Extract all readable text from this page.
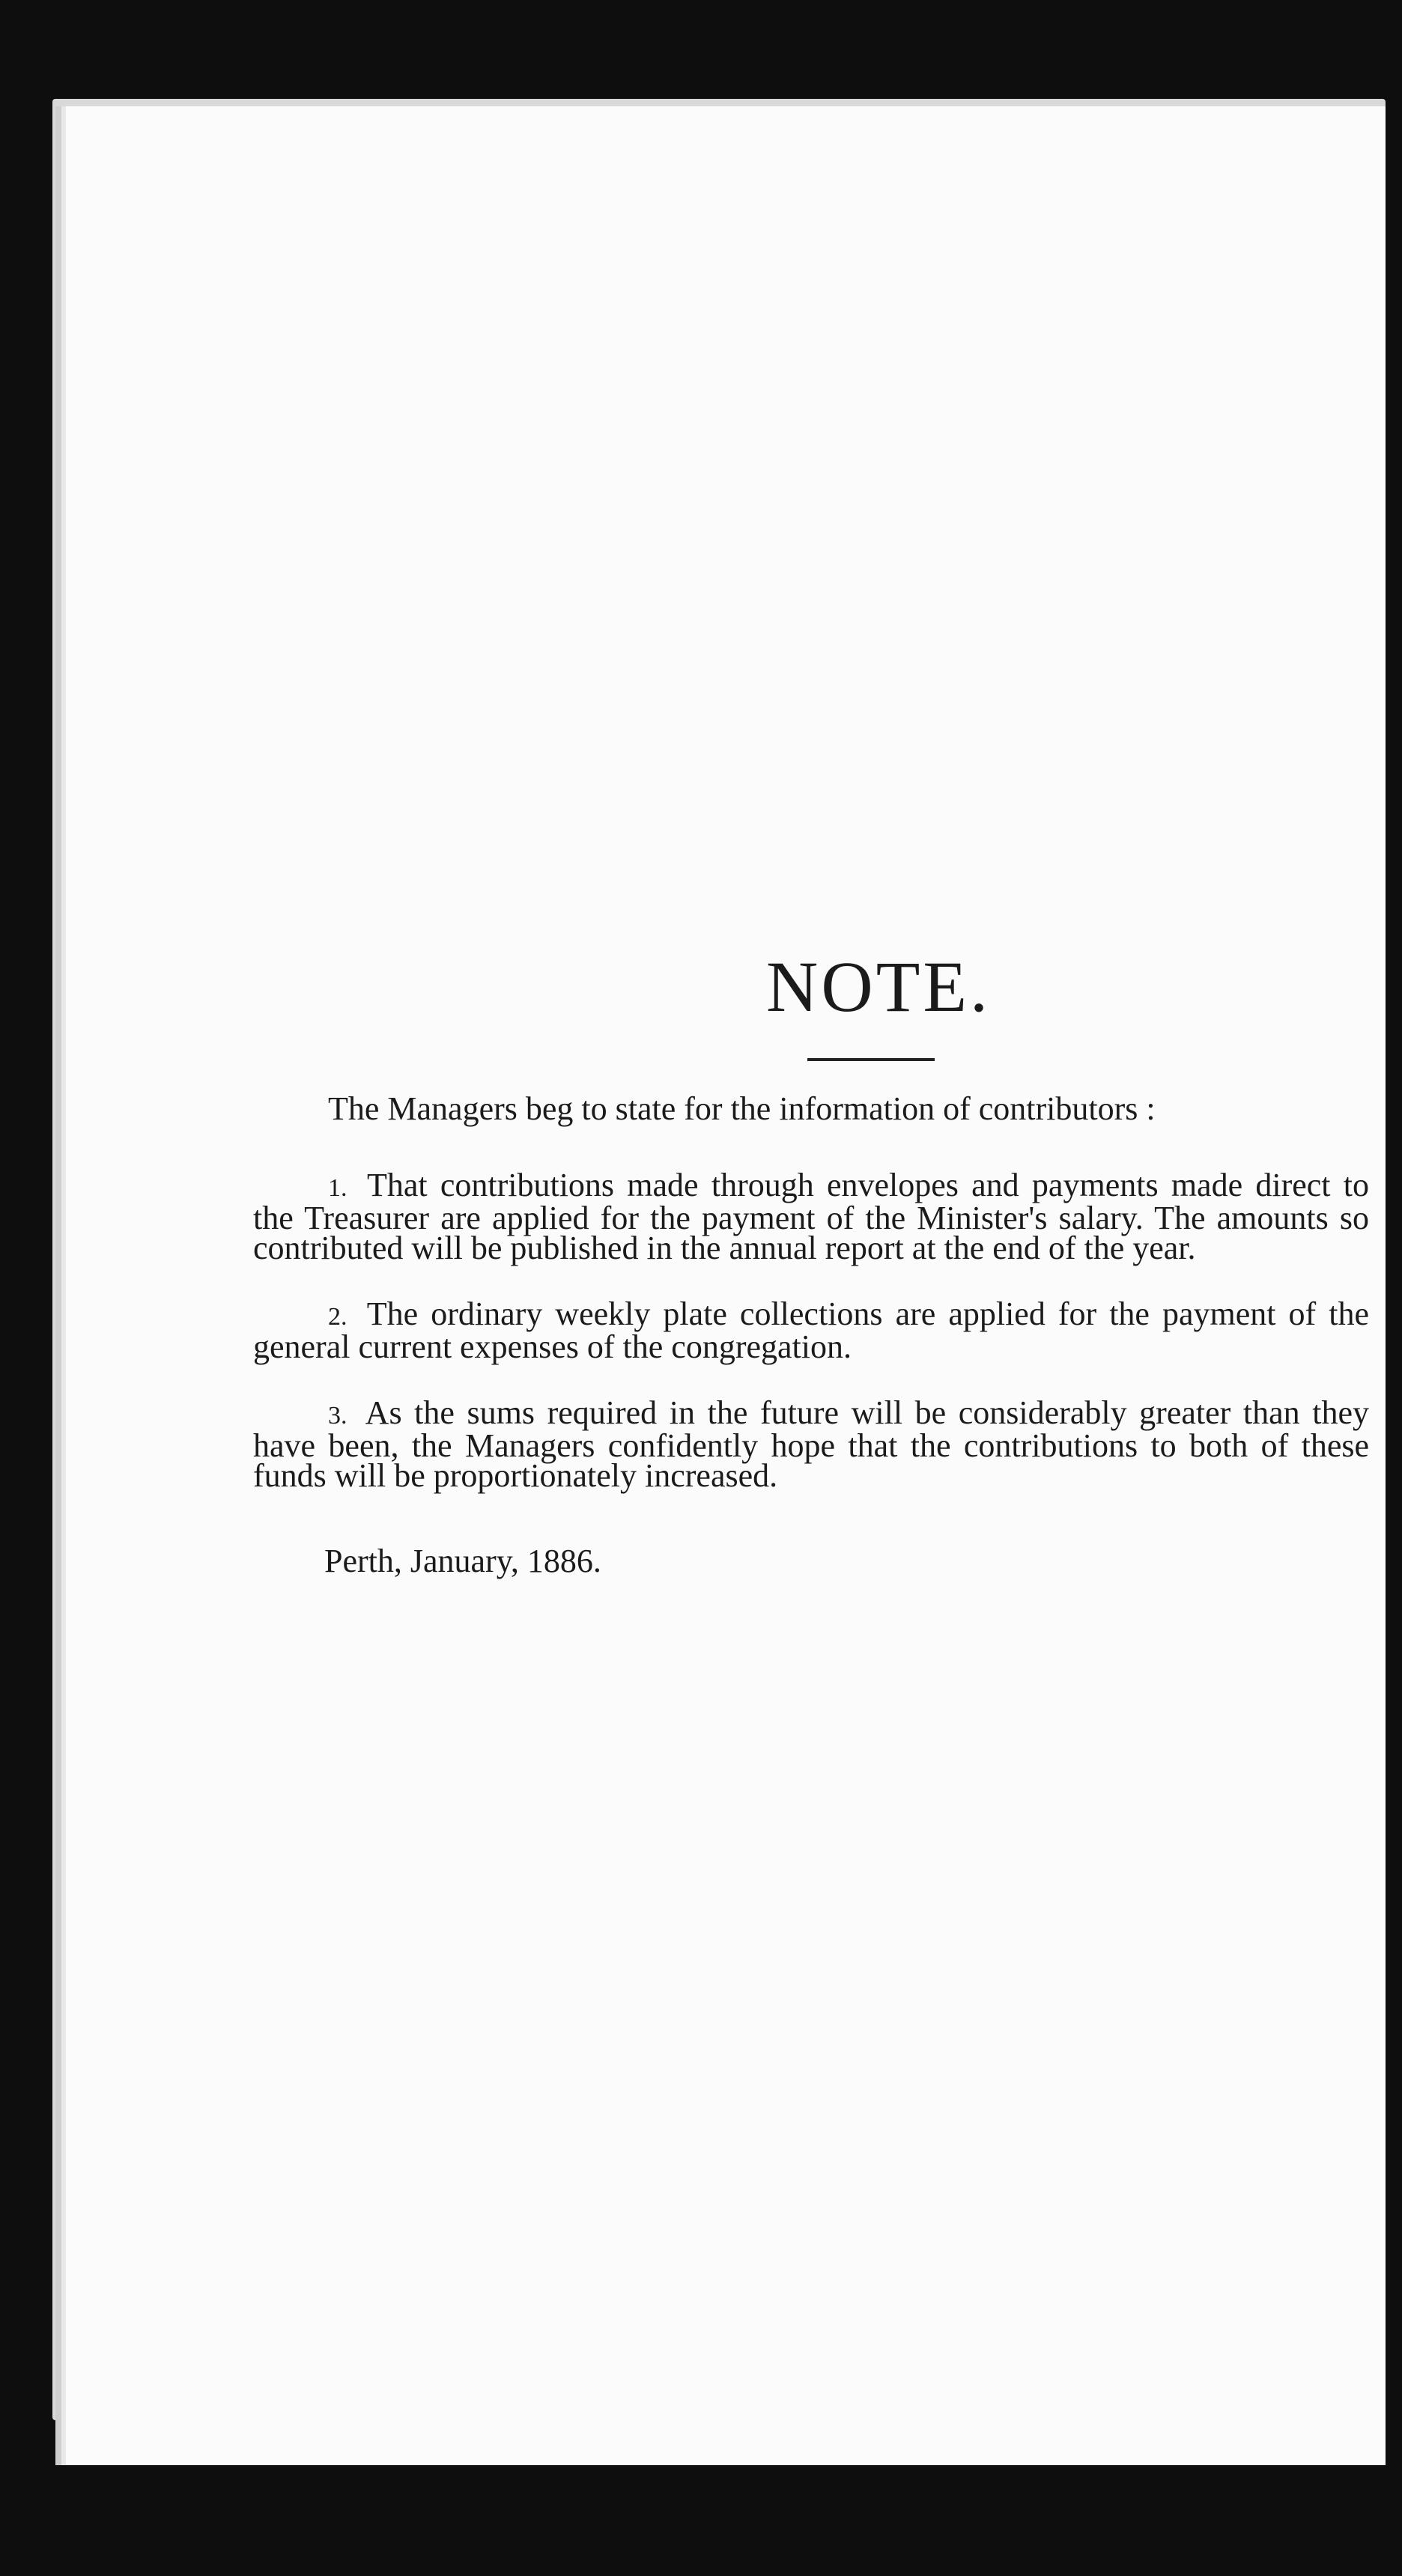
NOTE.

The Managers beg to state for the information of contributors :

1. That contributions made through envelopes and payments made direct to the Treasurer are applied for the payment of the Minister's salary. The amounts so contributed will be published in the annual report at the end of the year.

2. The ordinary weekly plate collections are applied for the payment of the general current expenses of the congregation.

3. As the sums required in the future will be considerably greater than they have been, the Managers confidently hope that the contributions to both of these funds will be proportionately increased.

Perth, January, 1886.
